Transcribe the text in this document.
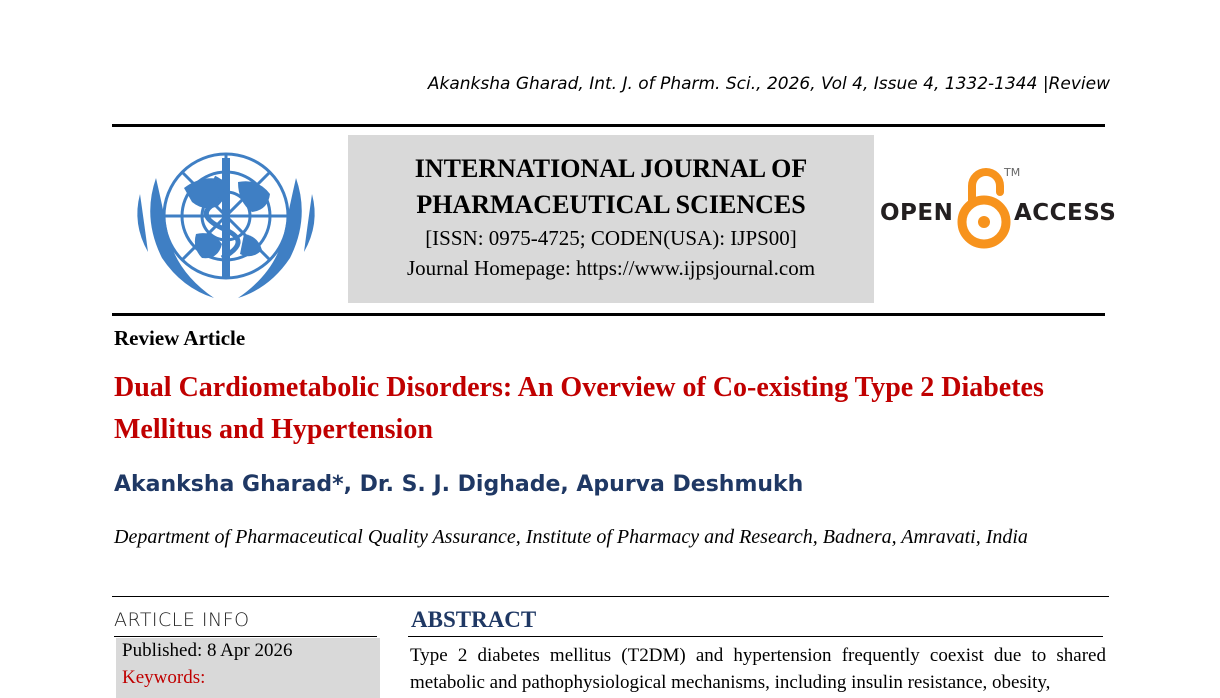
Akanksha Gharad, Int. J. of Pharm. Sci., 2026, Vol 4, Issue 4, 1332-1344 |Review
INTERNATIONAL JOURNAL OF
PHARMACEUTICAL SCIENCES
[ISSN: 0975-4725; CODEN(USA): IJPS00]
Journal Homepage: https://www.ijpsjournal.com
OPEN
TM
ACCESS
Review Article
Dual Cardiometabolic Disorders: An Overview of Co-existing Type 2 Diabetes Mellitus and Hypertension
Akanksha Gharad*, Dr. S. J. Dighade, Apurva Deshmukh
Department of Pharmaceutical Quality Assurance, Institute of Pharmacy and Research, Badnera, Amravati, India
ARTICLE INFO
Published: 8 Apr 2026
Keywords:
ABSTRACT
Type 2 diabetes mellitus (T2DM) and hypertension frequently coexist due to shared metabolic and pathophysiological mechanisms, including insulin resistance, obesity,
